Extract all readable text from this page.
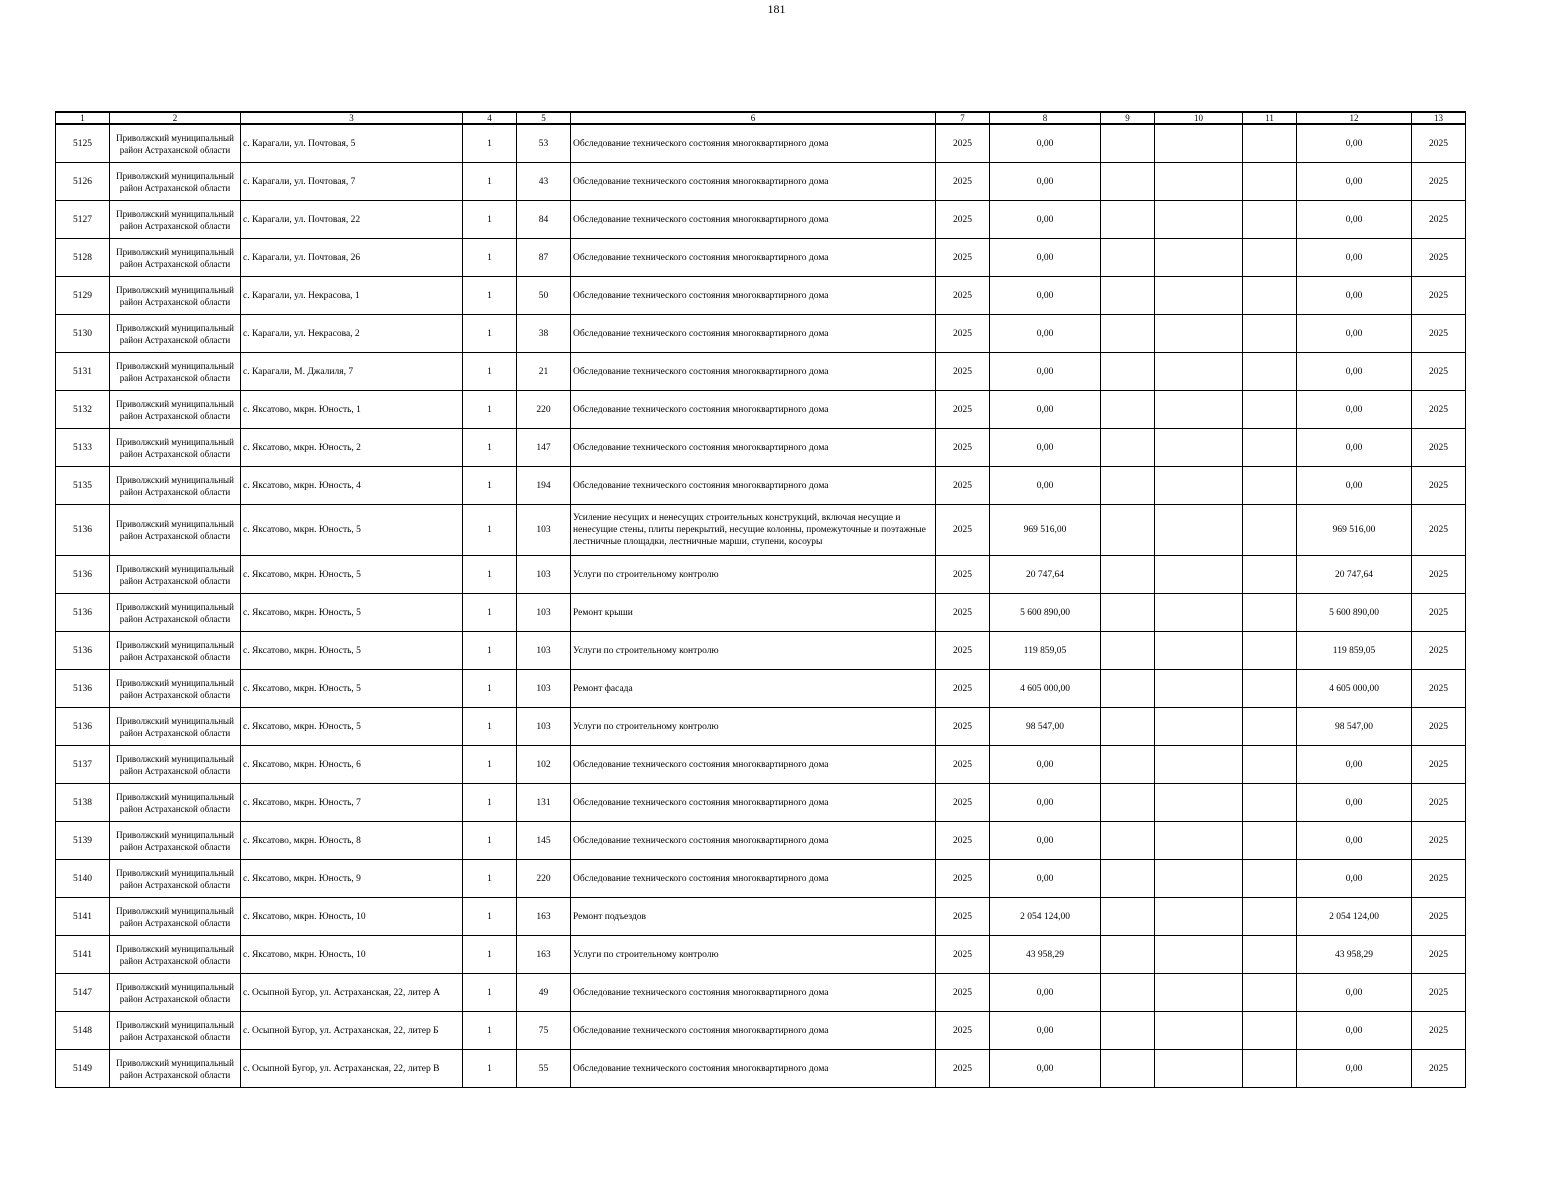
181
1	2	3	4	5	6	7	8	9	10	11	12	13
5125	Приволжский муниципальный район Астраханской области	с. Карагали, ул. Почтовая, 5	1	53	Обследование технического состояния многоквартирного дома	2025	0,00				0,00	2025
5126	Приволжский муниципальный район Астраханской области	с. Карагали, ул. Почтовая, 7	1	43	Обследование технического состояния многоквартирного дома	2025	0,00				0,00	2025
5127	Приволжский муниципальный район Астраханской области	с. Карагали, ул. Почтовая, 22	1	84	Обследование технического состояния многоквартирного дома	2025	0,00				0,00	2025
5128	Приволжский муниципальный район Астраханской области	с. Карагали, ул. Почтовая, 26	1	87	Обследование технического состояния многоквартирного дома	2025	0,00				0,00	2025
5129	Приволжский муниципальный район Астраханской области	с. Карагали, ул. Некрасова, 1	1	50	Обследование технического состояния многоквартирного дома	2025	0,00				0,00	2025
5130	Приволжский муниципальный район Астраханской области	с. Карагали, ул. Некрасова, 2	1	38	Обследование технического состояния многоквартирного дома	2025	0,00				0,00	2025
5131	Приволжский муниципальный район Астраханской области	с. Карагали, М. Джалиля, 7	1	21	Обследование технического состояния многоквартирного дома	2025	0,00				0,00	2025
5132	Приволжский муниципальный район Астраханской области	с. Яксатово, мкрн. Юность, 1	1	220	Обследование технического состояния многоквартирного дома	2025	0,00				0,00	2025
5133	Приволжский муниципальный район Астраханской области	с. Яксатово, мкрн. Юность, 2	1	147	Обследование технического состояния многоквартирного дома	2025	0,00				0,00	2025
5135	Приволжский муниципальный район Астраханской области	с. Яксатово, мкрн. Юность, 4	1	194	Обследование технического состояния многоквартирного дома	2025	0,00				0,00	2025
5136	Приволжский муниципальный район Астраханской области	с. Яксатово, мкрн. Юность, 5	1	103	Усиление несущих и ненесущих строительных конструкций, включая несущие и ненесущие стены, плиты перекрытий, несущие колонны, промежуточные и поэтажные лестничные площадки, лестничные марши, ступени, косоуры	2025	969 516,00				969 516,00	2025
5136	Приволжский муниципальный район Астраханской области	с. Яксатово, мкрн. Юность, 5	1	103	Услуги по строительному контролю	2025	20 747,64				20 747,64	2025
5136	Приволжский муниципальный район Астраханской области	с. Яксатово, мкрн. Юность, 5	1	103	Ремонт крыши	2025	5 600 890,00				5 600 890,00	2025
5136	Приволжский муниципальный район Астраханской области	с. Яксатово, мкрн. Юность, 5	1	103	Услуги по строительному контролю	2025	119 859,05				119 859,05	2025
5136	Приволжский муниципальный район Астраханской области	с. Яксатово, мкрн. Юность, 5	1	103	Ремонт фасада	2025	4 605 000,00				4 605 000,00	2025
5136	Приволжский муниципальный район Астраханской области	с. Яксатово, мкрн. Юность, 5	1	103	Услуги по строительному контролю	2025	98 547,00				98 547,00	2025
5137	Приволжский муниципальный район Астраханской области	с. Яксатово, мкрн. Юность, 6	1	102	Обследование технического состояния многоквартирного дома	2025	0,00				0,00	2025
5138	Приволжский муниципальный район Астраханской области	с. Яксатово, мкрн. Юность, 7	1	131	Обследование технического состояния многоквартирного дома	2025	0,00				0,00	2025
5139	Приволжский муниципальный район Астраханской области	с. Яксатово, мкрн. Юность, 8	1	145	Обследование технического состояния многоквартирного дома	2025	0,00				0,00	2025
5140	Приволжский муниципальный район Астраханской области	с. Яксатово, мкрн. Юность, 9	1	220	Обследование технического состояния многоквартирного дома	2025	0,00				0,00	2025
5141	Приволжский муниципальный район Астраханской области	с. Яксатово, мкрн. Юность, 10	1	163	Ремонт подъездов	2025	2 054 124,00				2 054 124,00	2025
5141	Приволжский муниципальный район Астраханской области	с. Яксатово, мкрн. Юность, 10	1	163	Услуги по строительному контролю	2025	43 958,29				43 958,29	2025
5147	Приволжский муниципальный район Астраханской области	с. Осыпной Бугор, ул. Астраханская, 22, литер А	1	49	Обследование технического состояния многоквартирного дома	2025	0,00				0,00	2025
5148	Приволжский муниципальный район Астраханской области	с. Осыпной Бугор, ул. Астраханская, 22, литер Б	1	75	Обследование технического состояния многоквартирного дома	2025	0,00				0,00	2025
5149	Приволжский муниципальный район Астраханской области	с. Осыпной Бугор, ул. Астраханская, 22, литер В	1	55	Обследование технического состояния многоквартирного дома	2025	0,00				0,00	2025
